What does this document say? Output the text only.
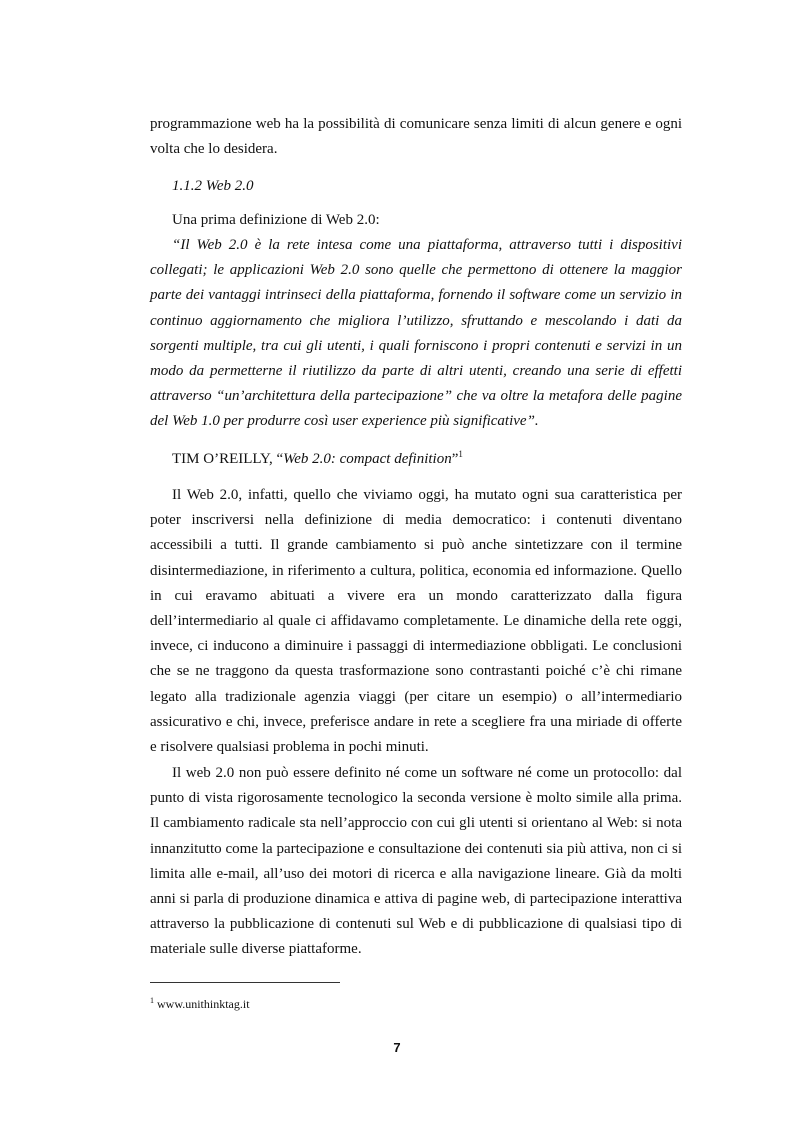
programmazione web ha la possibilità di comunicare senza limiti di alcun genere e ogni volta che lo desidera.

1.1.2 Web 2.0

Una prima definizione di Web 2.0:

“Il Web 2.0 è la rete intesa come una piattaforma, attraverso tutti i dispositivi collegati; le applicazioni Web 2.0 sono quelle che permettono di ottenere la maggior parte dei vantaggi intrinseci della piattaforma, fornendo il software come un servizio in continuo aggiornamento che migliora l’utilizzo, sfruttando e mescolando i dati da sorgenti multiple, tra cui gli utenti, i quali forniscono i propri contenuti e servizi in un modo da permetterne il riutilizzo da parte di altri utenti, creando una serie di effetti attraverso “un’architettura della partecipazione” che va oltre la metafora delle pagine del Web 1.0 per produrre così user experience più significative”.

TIM O’REILLY, “Web 2.0: compact definition”$^1$

Il Web 2.0, infatti, quello che viviamo oggi, ha mutato ogni sua caratteristica per poter inscriversi nella definizione di media democratico: i contenuti diventano accessibili a tutti. Il grande cambiamento si può anche sintetizzare con il termine disintermediazione, in riferimento a cultura, politica, economia ed informazione. Quello in cui eravamo abituati a vivere era un mondo caratterizzato dalla figura dell’intermediario al quale ci affidavamo completamente. Le dinamiche della rete oggi, invece, ci inducono a diminuire i passaggi di intermediazione obbligati. Le conclusioni che se ne traggono da questa trasformazione sono contrastanti poiché c’è chi rimane legato alla tradizionale agenzia viaggi (per citare un esempio) o all’intermediario assicurativo e chi, invece, preferisce andare in rete a scegliere fra una miriade di offerte e risolvere qualsiasi problema in pochi minuti.

Il web 2.0 non può essere definito né come un software né come un protocollo: dal punto di vista rigorosamente tecnologico la seconda versione è molto simile alla prima. Il cambiamento radicale sta nell’approccio con cui gli utenti si orientano al Web: si nota innanzitutto come la partecipazione e consultazione dei contenuti sia più attiva, non ci si limita alle e-mail, all’uso dei motori di ricerca e alla navigazione lineare. Già da molti anni si parla di produzione dinamica e attiva di pagine web, di partecipazione interattiva attraverso la pubblicazione di contenuti sul Web e di pubblicazione di qualsiasi tipo di materiale sulle diverse piattaforme.

$^1$ www.unithinktag.it
7
